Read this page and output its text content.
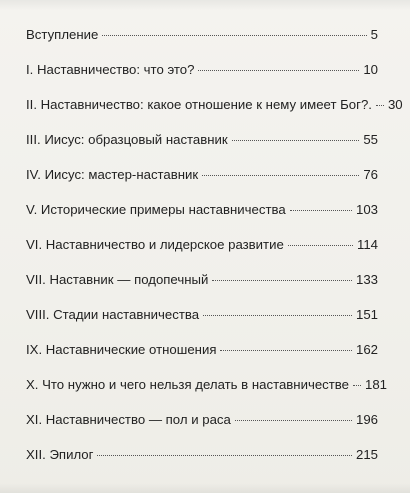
Вступление	5
I. Наставничество: что это?	10
II. Наставничество: какое отношение к нему имеет Бог?. 30
III. Иисус: образцовый наставник	55
IV. Иисус: мастер-наставник	76
V. Исторические примеры наставничества	103
VI. Наставничество и лидерское развитие	114
VII. Наставник — подопечный	133
VIII. Стадии наставничества	151
IX. Наставнические отношения	162
X. Что нужно и чего нельзя делать в наставничестве 181
XI. Наставничество — пол и раса	196
XII. Эпилог	215
